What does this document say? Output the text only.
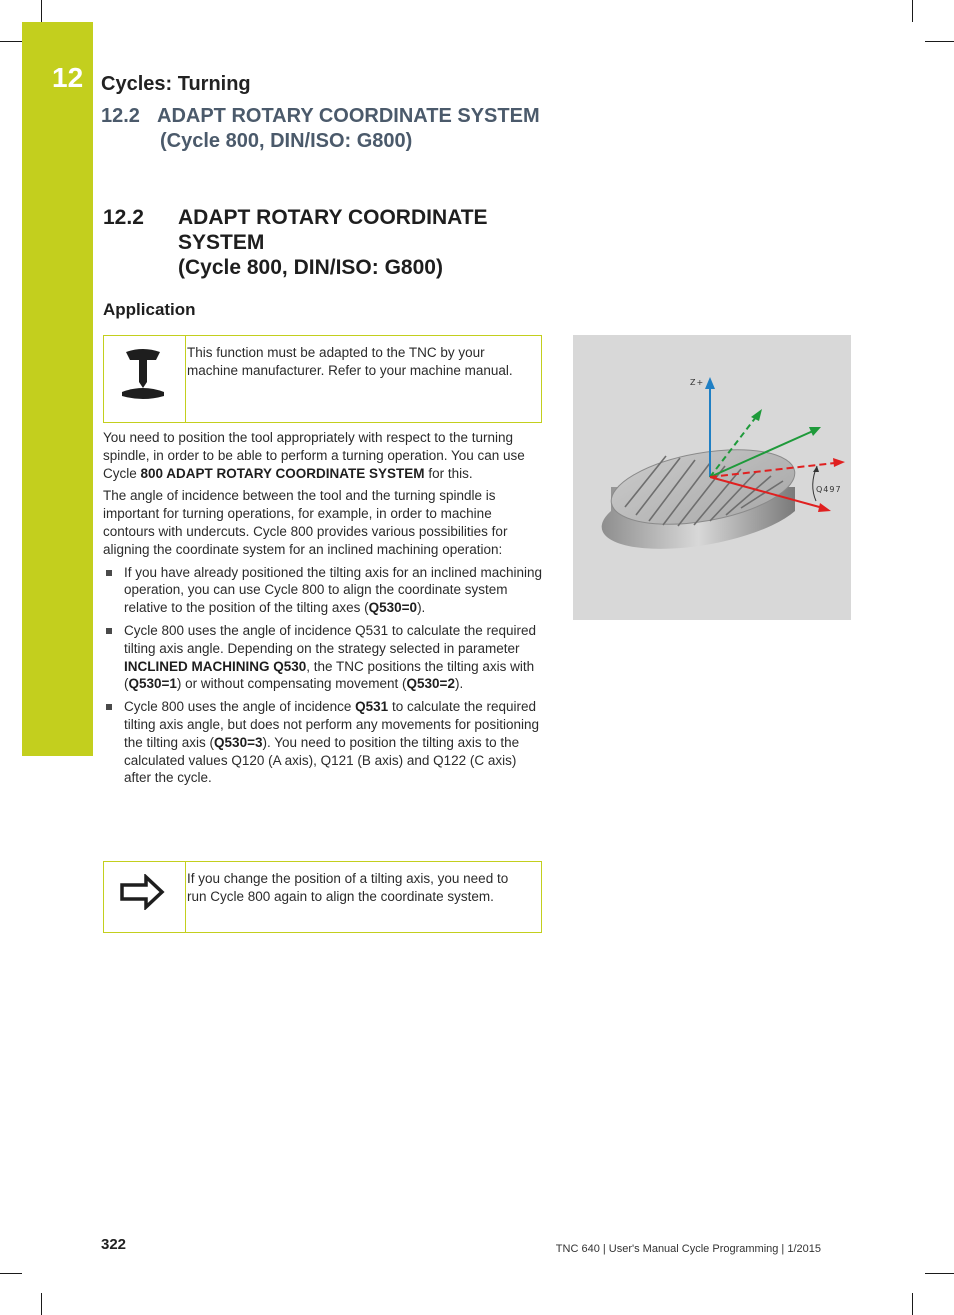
12 Cycles: Turning
12.2 ADAPT ROTARY COORDINATE SYSTEM
(Cycle 800, DIN/ISO: G800)
12.2	ADAPT ROTARY COORDINATE
SYSTEM
(Cycle 800, DIN/ISO: G800)
Application
This function must be adapted to the TNC by your machine manufacturer. Refer to your machine manual.

You need to position the tool appropriately with respect to the turning spindle, in order to be able to perform a turning operation. You can use Cycle 800 ADAPT ROTARY COORDINATE SYSTEM for this.

The angle of incidence between the tool and the turning spindle is important for turning operations, for example, in order to machine contours with undercuts. Cycle 800 provides various possibilities for aligning the coordinate system for an inclined machining operation:

If you have already positioned the tilting axis for an inclined machining operation, you can use Cycle 800 to align the coordinate system relative to the position of the tilting axes (Q530=0).
Cycle 800 uses the angle of incidence Q531 to calculate the required tilting axis angle. Depending on the strategy selected in parameter INCLINED MACHINING Q530, the TNC positions the tilting axis with (Q530=1) or without compensating movement (Q530=2).
Cycle 800 uses the angle of incidence Q531 to calculate the required tilting axis angle, but does not perform any movements for positioning the tilting axis (Q530=3). You need to position the tilting axis to the calculated values Q120 (A axis), Q121 (B axis) and Q122 (C axis) after the cycle.
If you change the position of a tilting axis, you need to run Cycle 800 again to align the coordinate system.
Z+
Q497
322	TNC 640 | User's Manual Cycle Programming | 1/2015
